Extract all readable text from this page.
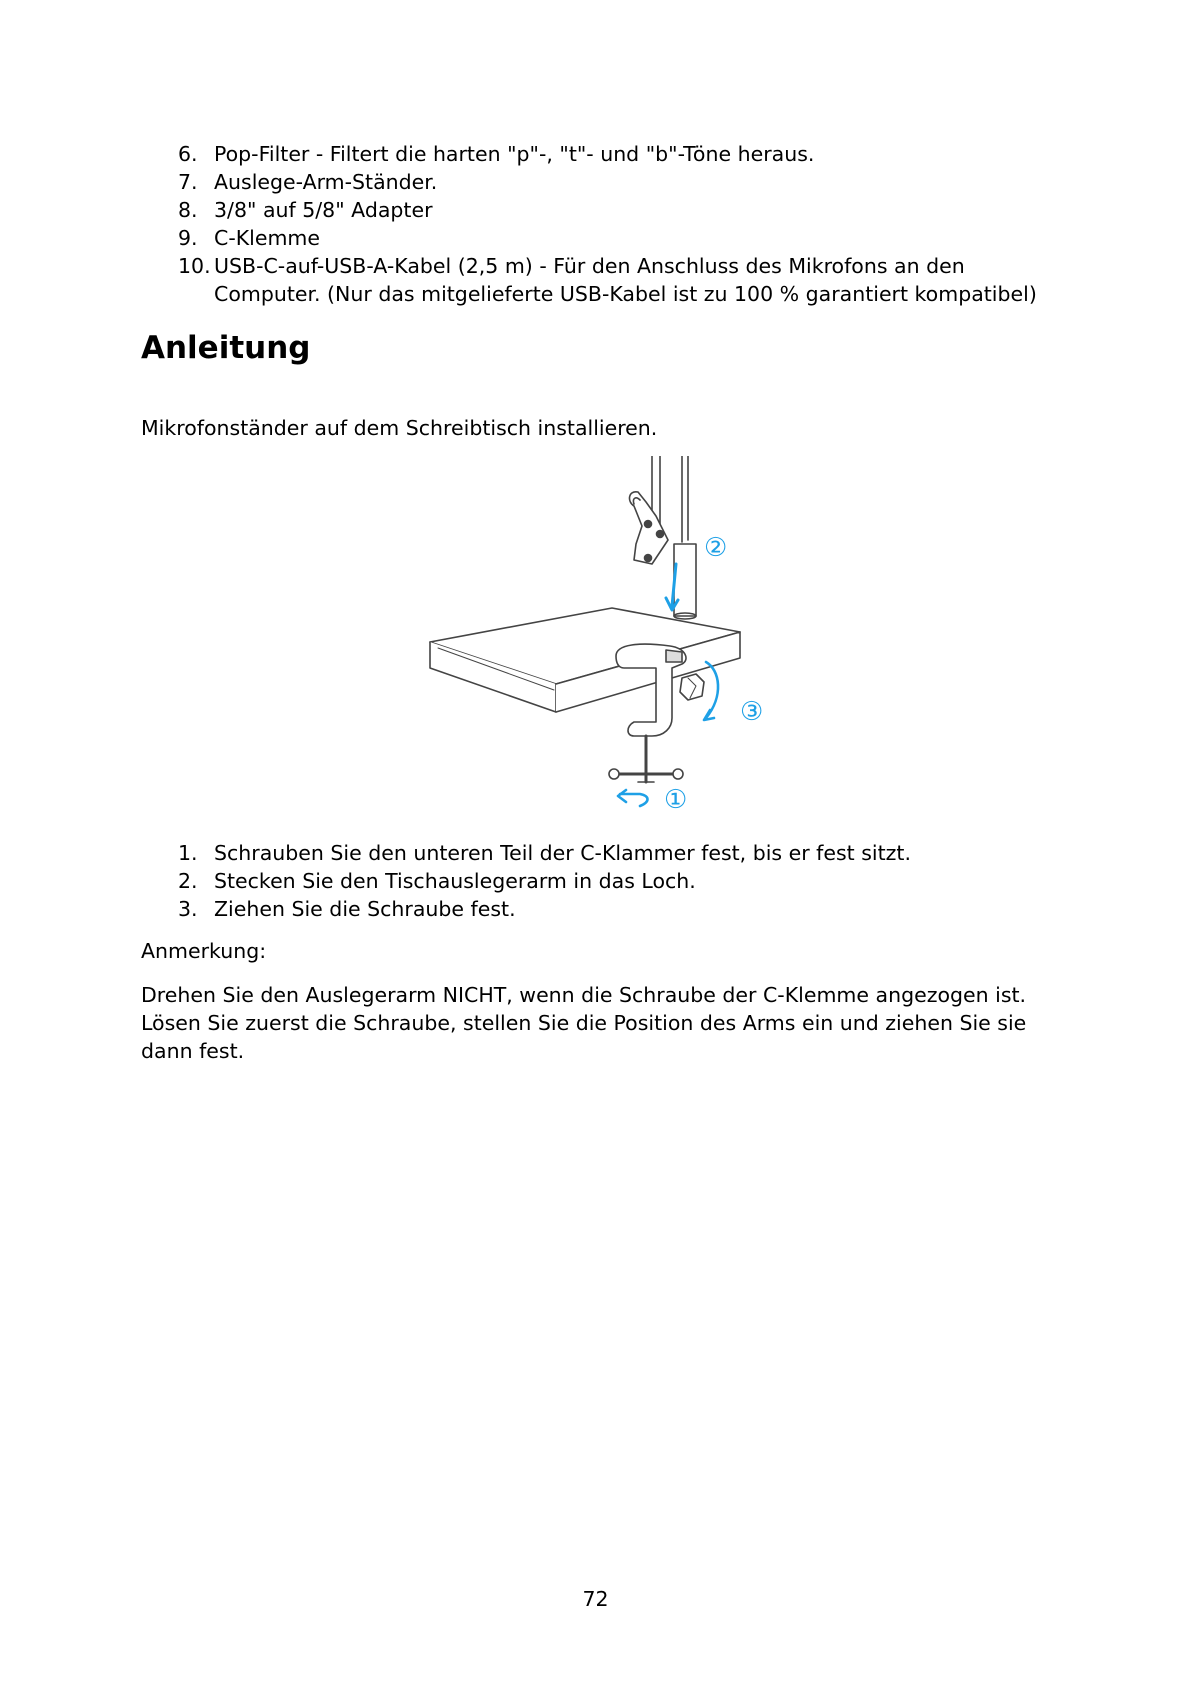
6. Pop-Filter - Filtert die harten "p"-, "t"- und "b"-Töne heraus.
7. Auslege-Arm-Ständer.
8. 3/8" auf 5/8" Adapter
9. C-Klemme
10. USB-C-auf-USB-A-Kabel (2,5 m) - Für den Anschluss des Mikrofons an den
Computer. (Nur das mitgelieferte USB-Kabel ist zu 100 % garantiert kompatibel)
Anleitung
Mikrofonständer auf dem Schreibtisch installieren.
②
③
①
1. Schrauben Sie den unteren Teil der C-Klammer fest, bis er fest sitzt.
2. Stecken Sie den Tischauslegerarm in das Loch.
3. Ziehen Sie die Schraube fest.
Anmerkung:
Drehen Sie den Auslegerarm NICHT, wenn die Schraube der C-Klemme angezogen ist. Lösen Sie zuerst die Schraube, stellen Sie die Position des Arms ein und ziehen Sie sie dann fest.
72
